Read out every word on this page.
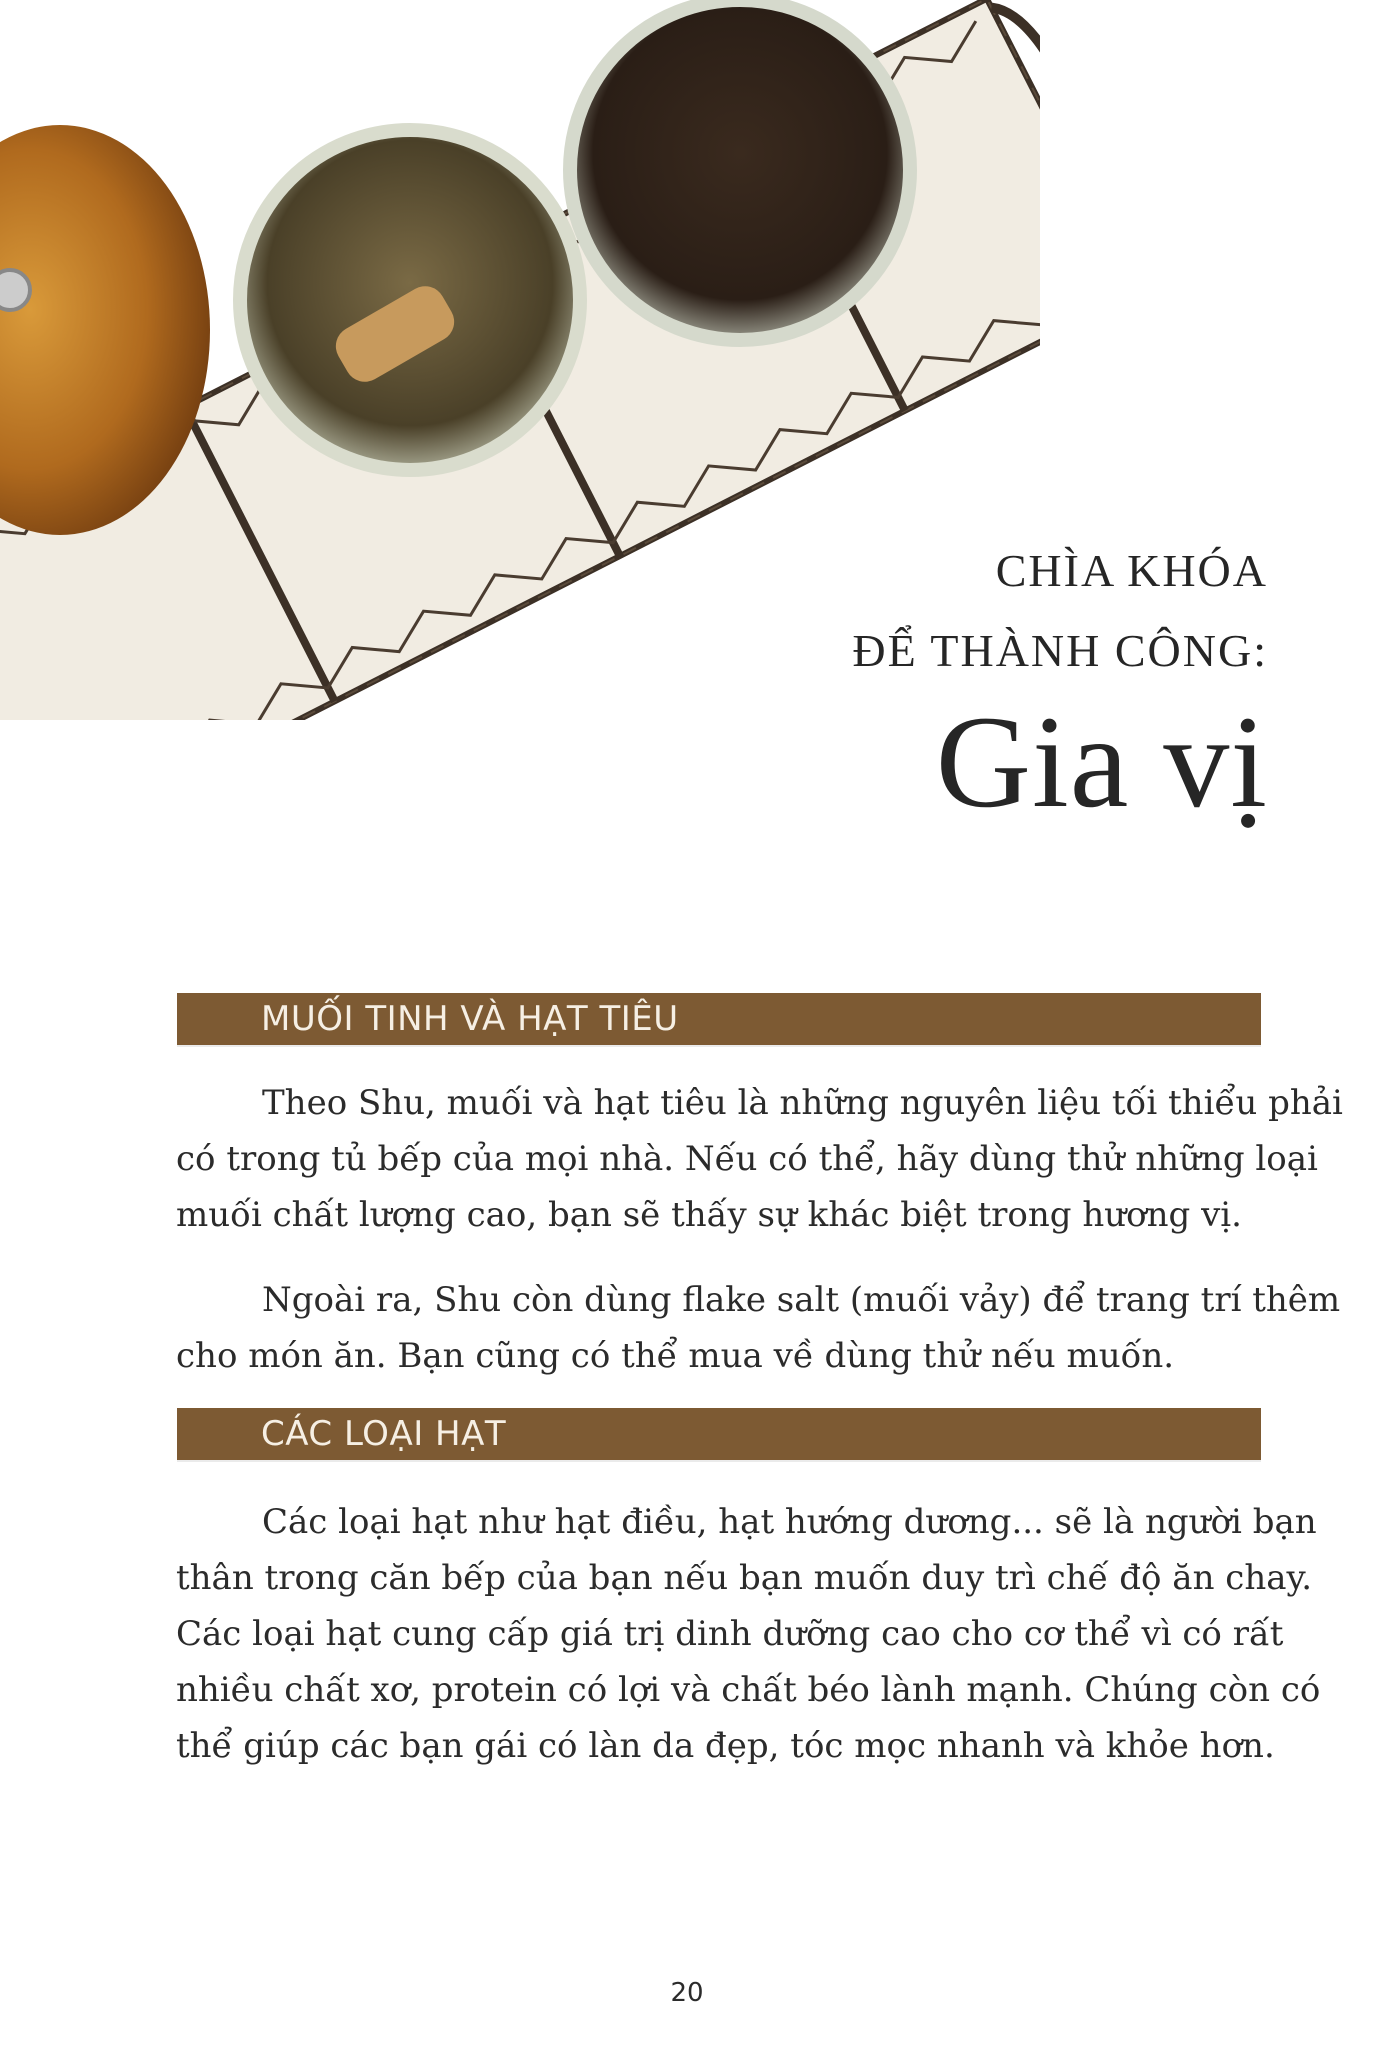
CHÌA KHÓA
ĐỂ THÀNH CÔNG:
Gia vị
MUỐI TINH VÀ HẠT TIÊU

Theo Shu, muối và hạt tiêu là những nguyên liệu tối thiểu phải
có trong tủ bếp của mọi nhà. Nếu có thể, hãy dùng thử những loại
muối chất lượng cao, bạn sẽ thấy sự khác biệt trong hương vị.

Ngoài ra, Shu còn dùng flake salt (muối vảy) để trang trí thêm
cho món ăn. Bạn cũng có thể mua về dùng thử nếu muốn.

CÁC LOẠI HẠT

Các loại hạt như hạt điều, hạt hướng dương... sẽ là người bạn
thân trong căn bếp của bạn nếu bạn muốn duy trì chế độ ăn chay.
Các loại hạt cung cấp giá trị dinh dưỡng cao cho cơ thể vì có rất
nhiều chất xơ, protein có lợi và chất béo lành mạnh. Chúng còn có
thể giúp các bạn gái có làn da đẹp, tóc mọc nhanh và khỏe hơn.

20
